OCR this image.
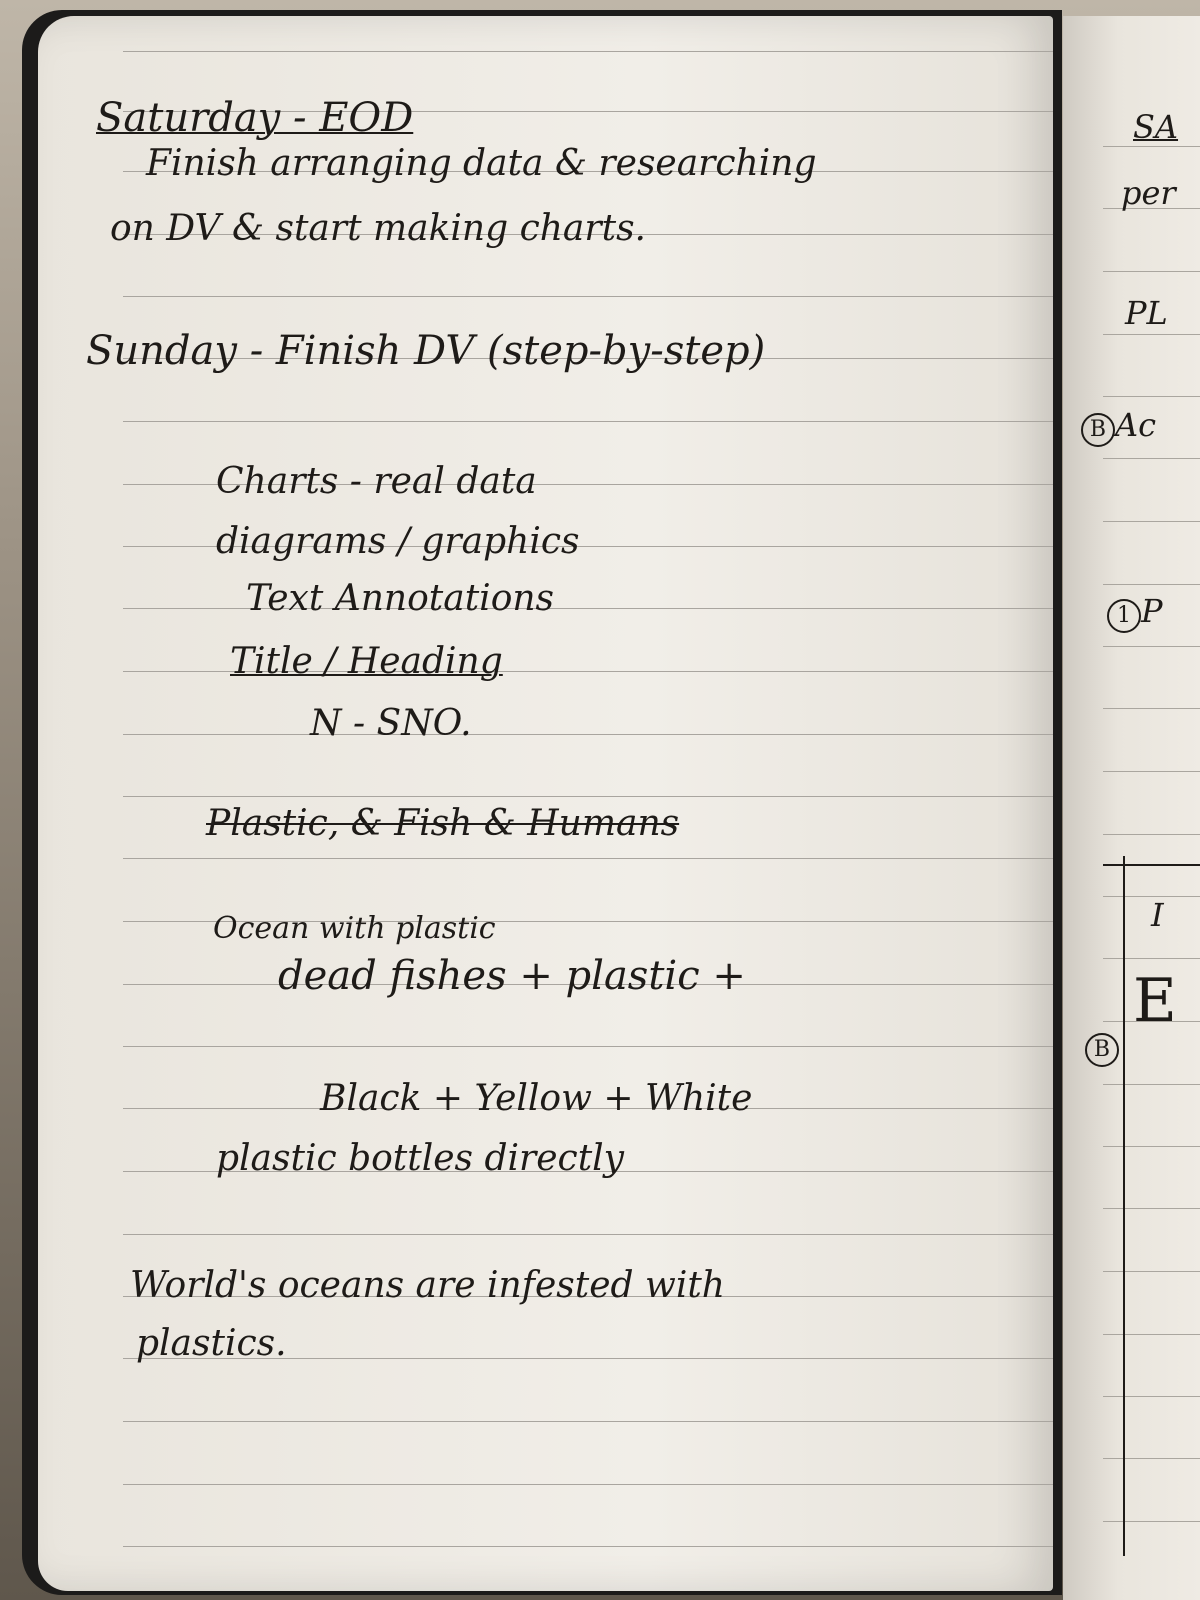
Saturday - EOD

Finish arranging data & researching

on DV & start making charts.

Sunday - Finish DV (step-by-step)

Charts - real data

diagrams / graphics

Text Annotations

Title / Heading

N - SNO.

Plastic, & Fish & Humans

Ocean with plastic

dead fishes + plastic +

Black + Yellow + White

plastic bottles directly

World's oceans are infested with

plastics.

SA
per
PL
B Ac
1 P
I
B
E
